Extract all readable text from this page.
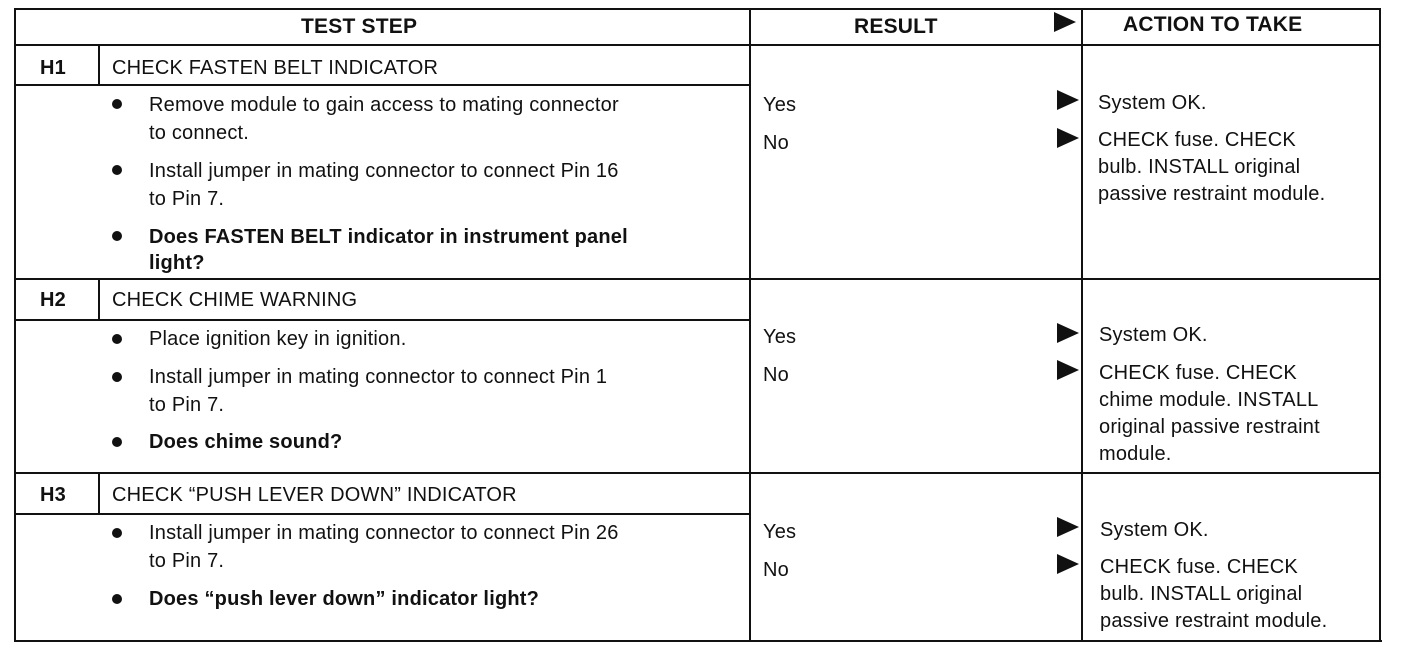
TEST STEP	RESULT	ACTION TO TAKE
H1 CHECK FASTEN BELT INDICATOR
Remove module to gain access to mating connector
to connect.
Install jumper in mating connector to connect Pin 16
to Pin 7.
Does FASTEN BELT indicator in instrument panel
light?
Yes
No
System OK.
CHECK fuse. CHECK
bulb. INSTALL original
passive restraint module.
H2 CHECK CHIME WARNING
Place ignition key in ignition.
Install jumper in mating connector to connect Pin 1
to Pin 7.
Does chime sound?
Yes
No
System OK.
CHECK fuse. CHECK
chime module. INSTALL
original passive restraint
module.
H3 CHECK “PUSH LEVER DOWN” INDICATOR
Install jumper in mating connector to connect Pin 26
to Pin 7.
Does “push lever down” indicator light?
Yes
No
System OK.
CHECK fuse. CHECK
bulb. INSTALL original
passive restraint module.
